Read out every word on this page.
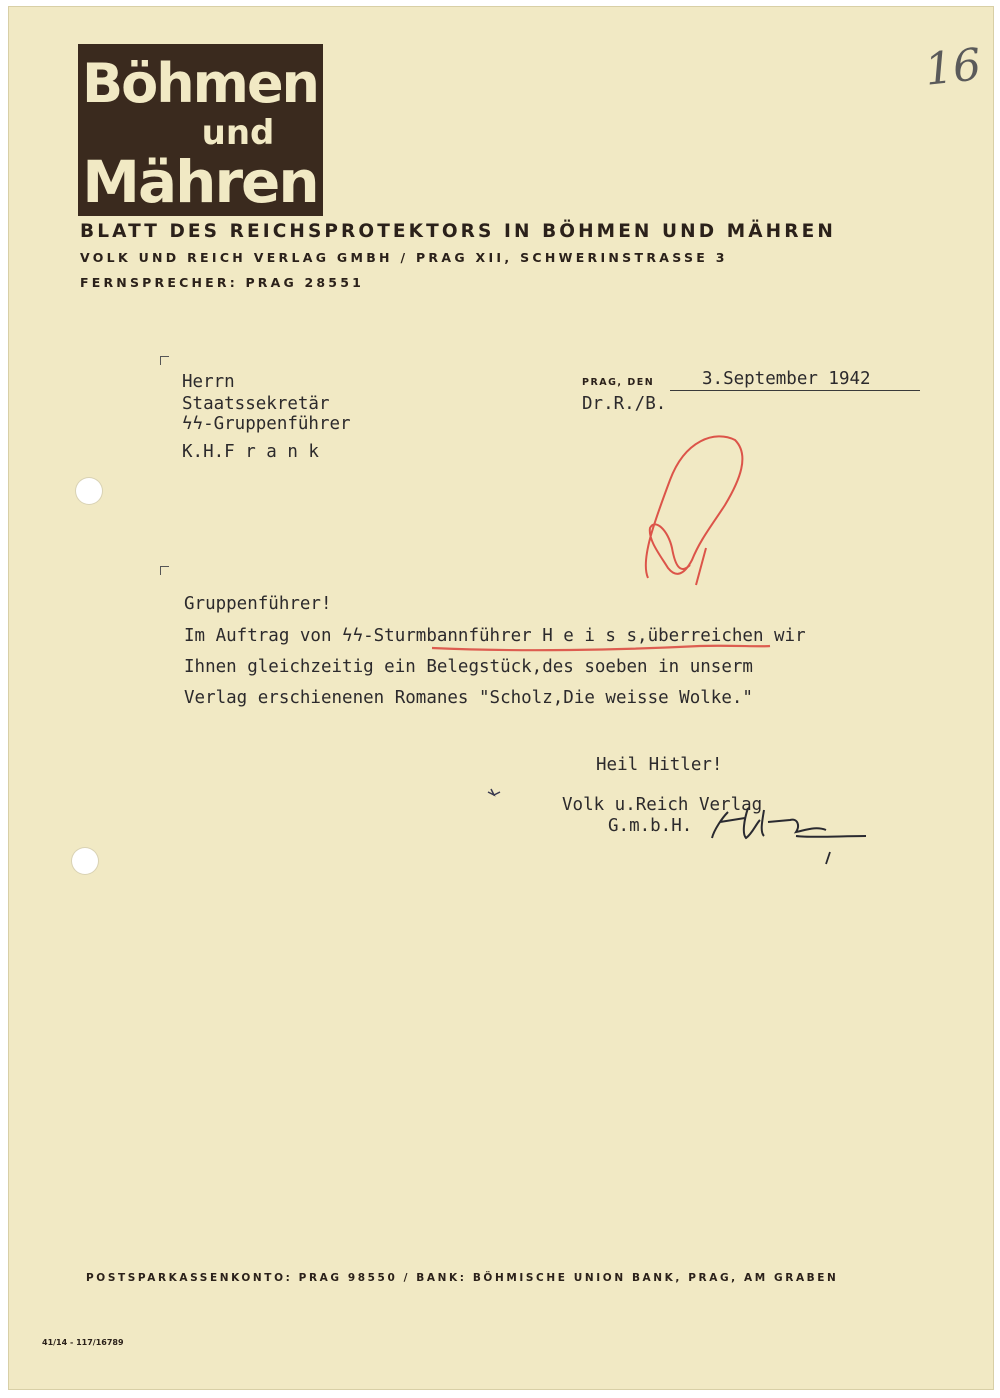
Böhmen
und
Mähren
BLATT DES REICHSPROTEKTORS IN BÖHMEN UND MÄHREN
VOLK UND REICH VERLAG GMBH / PRAG XII, SCHWERINSTRASSE 3
FERNSPRECHER: PRAG 28551
16
Herrn
Staatssekretär
ϟϟ-Gruppenführer
K.H.F r a n k
PRAG, DEN	3.September 1942
Dr.R./B.
Gruppenführer!
Im Auftrag von ϟϟ-Sturmbannführer H e i s s,überreichen wir
Ihnen gleichzeitig ein Belegstück,des soeben in unserm
Verlag erschienenen Romanes "Scholz,Die weisse Wolke."
Heil Hitler!
Volk u.Reich Verlag
G.m.b.H.
POSTSPARKASSENKONTO: PRAG 98550 / BANK: BÖHMISCHE UNION BANK, PRAG, AM GRABEN
41/14 - 117/16789
